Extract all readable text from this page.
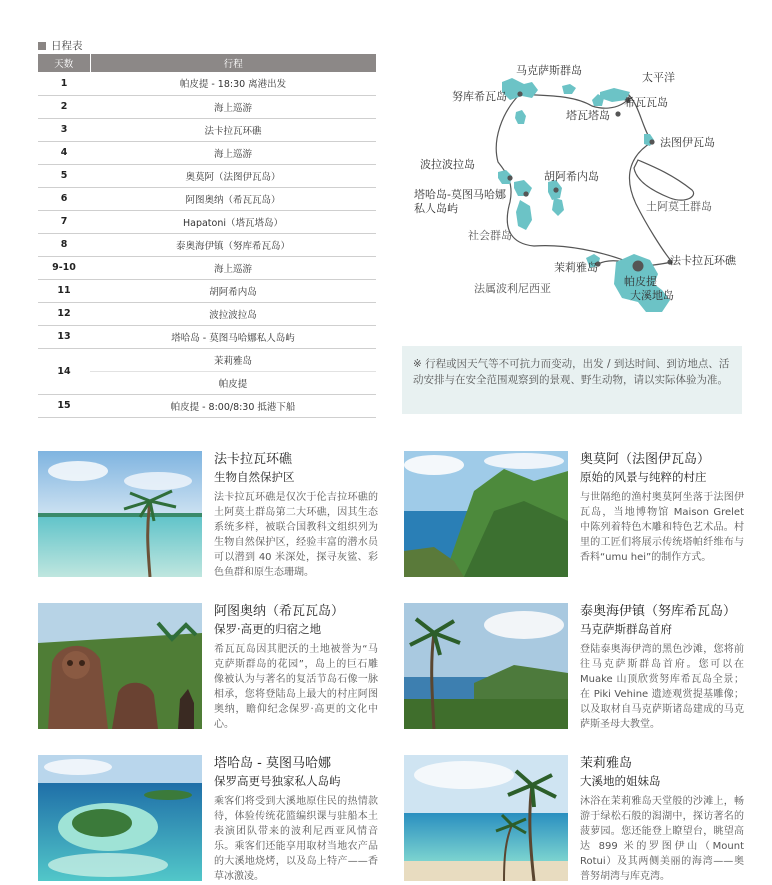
日程表
天数	行程
1	帕皮提 - 18:30 离港出发
2	海上巡游
3	法卡拉瓦环礁
4	海上巡游
5	奥莫阿（法图伊瓦岛）
6	阿图奥纳（希瓦瓦岛）
7	Hapatoni（塔瓦塔岛）
8	泰奥海伊镇（努库希瓦岛）
9-10	海上巡游
11	胡阿希内岛
12	波拉波拉岛
13	塔哈岛 - 莫图马哈娜私人岛屿
14	茉莉雅岛
	帕皮提
15	帕皮提 - 8:00/8:30 抵港下船
马克萨斯群岛
太平洋
努库希瓦岛
塔瓦塔岛
希瓦瓦岛
法图伊瓦岛
波拉波拉岛
胡阿希内岛
塔哈岛-莫图马哈娜
私人岛屿	土阿莫土群岛
社会群岛
茉莉雅岛
法卡拉瓦环礁
帕皮提
大溪地岛
法属波利尼西亚
※ 行程或因天气等不可抗力而变动，出发 / 到达时间、到访地点、活动安排与在安全范围观察到的景观、野生动物，请以实际体验为准。
法卡拉瓦环礁
生物自然保护区
法卡拉瓦环礁是仅次于伦吉拉环礁的土阿莫土群岛第二大环礁，因其生态系统多样，被联合国教科文组织列为生物自然保护区，经验丰富的潜水员可以潜到 40 米深处，探寻灰鲨、彩色鱼群和原生态珊瑚。
奥莫阿（法图伊瓦岛）
原始的风景与纯粹的村庄
与世隔绝的渔村奥莫阿坐落于法图伊瓦岛，当地博物馆 Maison Grelet 中陈列着特色木雕和特色艺术品。村里的工匠们将展示传统塔帕纤维布与香料“umu hei”的制作方式。
阿图奥纳（希瓦瓦岛）
保罗·高更的归宿之地
希瓦瓦岛因其肥沃的土地被誉为“马克萨斯群岛的花园”，岛上的巨石雕像被认为与著名的复活节岛石像一脉相承，您将登陆岛上最大的村庄阿图奥纳，瞻仰纪念保罗·高更的文化中心。
泰奥海伊镇（努库希瓦岛）
马克萨斯群岛首府
登陆泰奥海伊湾的黑色沙滩，您将前往马克萨斯群岛首府。您可以在 Muake 山顶欣赏努库希瓦岛全景；在 Piki Vehine 遗迹观赏提基雕像；以及取材自马克萨斯诸岛建成的马克萨斯圣母大教堂。
塔哈岛 - 莫图马哈娜
保罗高更号独家私人岛屿
乘客们将受到大溪地原住民的热情款待，体验传统花篮编织课与驻船本土表演团队带来的波利尼西亚风情音乐。乘客们还能享用取材当地农产品的大溪地烧烤，以及岛上特产——香草冰激凌。
茉莉雅岛
大溪地的姐妹岛
沐浴在茉莉雅岛天堂般的沙滩上，畅游于绿松石般的潟湖中，探访著名的菠萝园。您还能登上瞭望台，眺望高达 899 米的罗图伊山（Mount Rotui）及其两侧美丽的海湾——奥普努胡湾与库克湾。
